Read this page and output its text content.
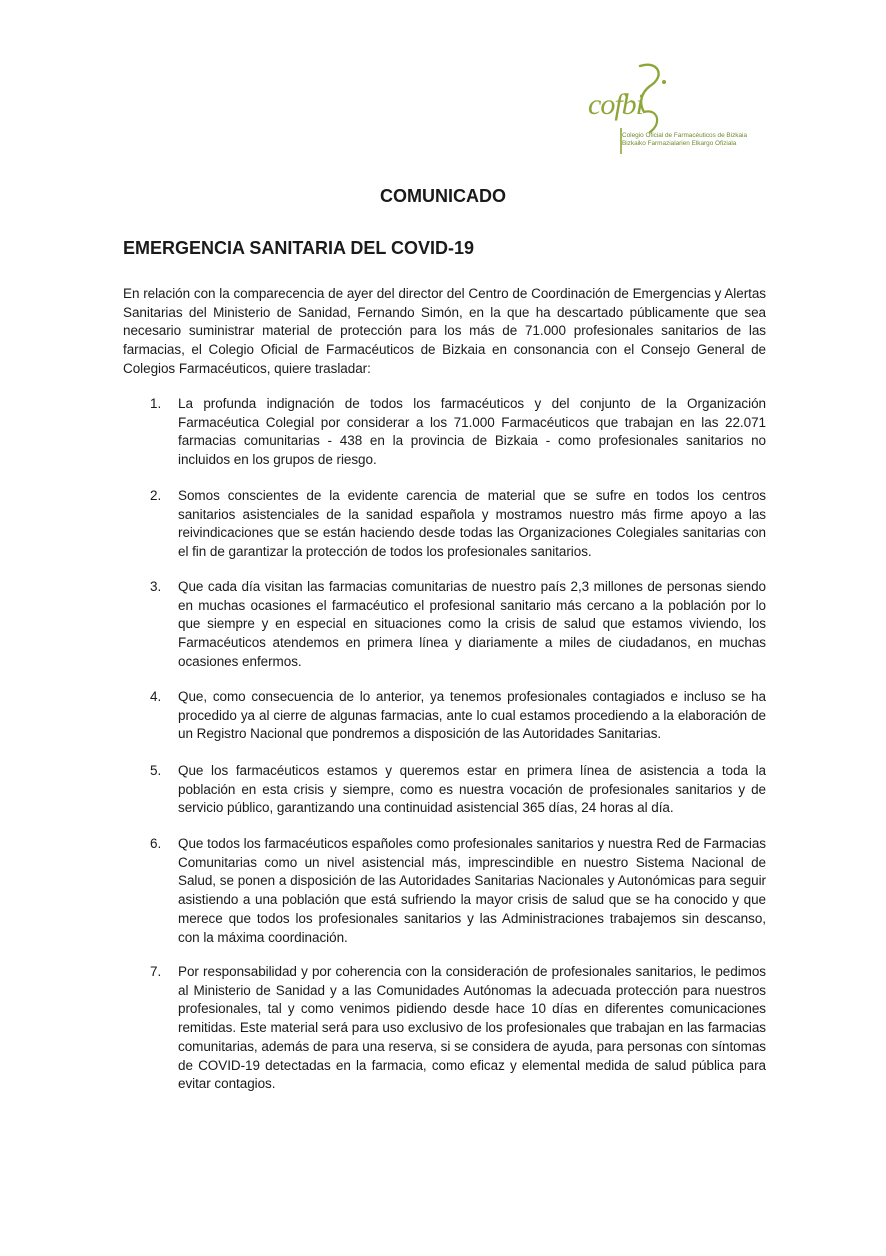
cofbi
Colegio Oficial de Farmacéuticos de Bizkaia
Bizkaiko Farmazialarien Elkargo Ofiziala
COMUNICADO
EMERGENCIA SANITARIA DEL COVID-19
En relación con la comparecencia de ayer del director del Centro de Coordinación de Emergencias y Alertas Sanitarias del Ministerio de Sanidad, Fernando Simón, en la que ha descartado públicamente que sea necesario suministrar material de protección para los más de 71.000 profesionales sanitarios de las farmacias, el Colegio Oficial de Farmacéuticos de Bizkaia en consonancia con el Consejo General de Colegios Farmacéuticos, quiere trasladar:
1.	La profunda indignación de todos los farmacéuticos y del conjunto de la Organización Farmacéutica Colegial por considerar a los 71.000 Farmacéuticos que trabajan en las 22.071 farmacias comunitarias - 438 en la provincia de Bizkaia - como profesionales sanitarios no incluidos en los grupos de riesgo.
2.	Somos conscientes de la evidente carencia de material que se sufre en todos los centros sanitarios asistenciales de la sanidad española y mostramos nuestro más firme apoyo a las reivindicaciones que se están haciendo desde todas las Organizaciones Colegiales sanitarias con el fin de garantizar la protección de todos los profesionales sanitarios.
3.	Que cada día visitan las farmacias comunitarias de nuestro país 2,3 millones de personas siendo en muchas ocasiones el farmacéutico el profesional sanitario más cercano a la población por lo que siempre y en especial en situaciones como la crisis de salud que estamos viviendo, los Farmacéuticos atendemos en primera línea y diariamente a miles de ciudadanos, en muchas ocasiones enfermos.
4.	Que, como consecuencia de lo anterior, ya tenemos profesionales contagiados e incluso se ha procedido ya al cierre de algunas farmacias, ante lo cual estamos procediendo a la elaboración de un Registro Nacional que pondremos a disposición de las Autoridades Sanitarias.
5.	Que los farmacéuticos estamos y queremos estar en primera línea de asistencia a toda la población en esta crisis y siempre, como es nuestra vocación de profesionales sanitarios y de servicio público, garantizando una continuidad asistencial 365 días, 24 horas al día.
6.	Que todos los farmacéuticos españoles como profesionales sanitarios y nuestra Red de Farmacias Comunitarias como un nivel asistencial más, imprescindible en nuestro Sistema Nacional de Salud, se ponen a disposición de las Autoridades Sanitarias Nacionales y Autonómicas para seguir asistiendo a una población que está sufriendo la mayor crisis de salud que se ha conocido y que merece que todos los profesionales sanitarios y las Administraciones trabajemos sin descanso, con la máxima coordinación.
7.	Por responsabilidad y por coherencia con la consideración de profesionales sanitarios, le pedimos al Ministerio de Sanidad y a las Comunidades Autónomas la adecuada protección para nuestros profesionales, tal y como venimos pidiendo desde hace 10 días en diferentes comunicaciones remitidas. Este material será para uso exclusivo de los profesionales que trabajan en las farmacias comunitarias, además de para una reserva, si se considera de ayuda, para personas con síntomas de COVID-19 detectadas en la farmacia, como eficaz y elemental medida de salud pública para evitar contagios.
